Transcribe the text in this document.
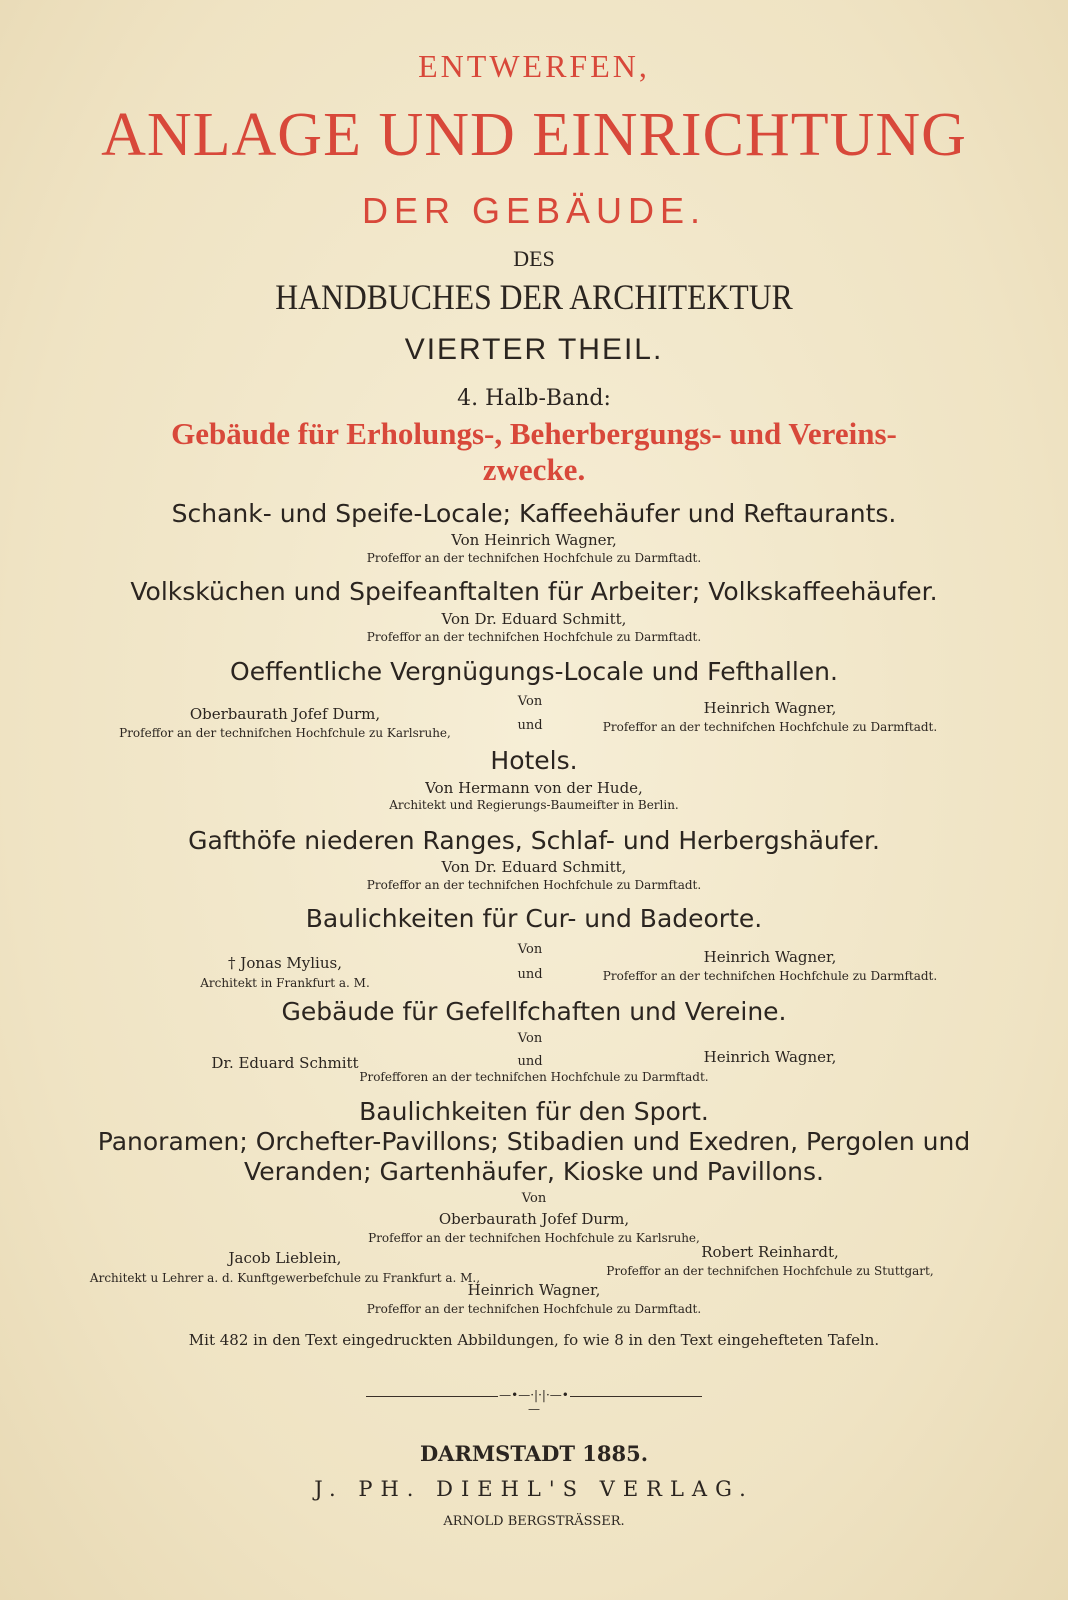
ENTWERFEN,
ANLAGE UND EINRICHTUNG
DER GEBÄUDE.
DES
HANDBUCHES DER ARCHITEKTUR
VIERTER THEIL.
4. Halb-Band:
Gebäude für Erholungs-, Beherbergungs- und Vereins-
zwecke.
Schank- und Speife-Locale; Kaffeehäufer und Reftaurants.
Von Heinrich Wagner,
Profeffor an der technifchen Hochfchule zu Darmftadt.
Volksküchen und Speifeanftalten für Arbeiter; Volkskaffeehäufer.
Von Dr. Eduard Schmitt,
Profeffor an der technifchen Hochfchule zu Darmftadt.
Oeffentliche Vergnügungs-Locale und Fefthallen.
Oberbaurath Jofef Durm,
Profeffor an der technifchen Hochfchule zu Karlsruhe,
Von
und
Heinrich Wagner,
Profeffor an der technifchen Hochfchule zu Darmftadt.
Hotels.
Von Hermann von der Hude,
Architekt und Regierungs-Baumeifter in Berlin.
Gafthöfe niederen Ranges, Schlaf- und Herbergshäufer.
Von Dr. Eduard Schmitt,
Profeffor an der technifchen Hochfchule zu Darmftadt.
Baulichkeiten für Cur- und Badeorte.
† Jonas Mylius,
Architekt in Frankfurt a. M.
Von
und
Heinrich Wagner,
Profeffor an der technifchen Hochfchule zu Darmftadt.
Gebäude für Gefellfchaften und Vereine.
Von
Dr. Eduard Schmitt	und	Heinrich Wagner,
Profefforen an der technifchen Hochfchule zu Darmftadt.
Baulichkeiten für den Sport.
Panoramen; Orchefter-Pavillons; Stibadien und Exedren, Pergolen und
Veranden; Gartenhäufer, Kioske und Pavillons.
Von
Oberbaurath Jofef Durm,
Profeffor an der technifchen Hochfchule zu Karlsruhe,
Jacob Lieblein,
Architekt u Lehrer a. d. Kunftgewerbefchule zu Frankfurt a. M.,
Robert Reinhardt,
Profeffor an der technifchen Hochfchule zu Stuttgart,
Heinrich Wagner,
Profeffor an der technifchen Hochfchule zu Darmftadt.
Mit 482 in den Text eingedruckten Abbildungen, fo wie 8 in den Text eingehefteten Tafeln.
—•—·|·|·—•—
DARMSTADT 1885.
J. PH. DIEHL'S VERLAG.
ARNOLD BERGSTRÄSSER.
